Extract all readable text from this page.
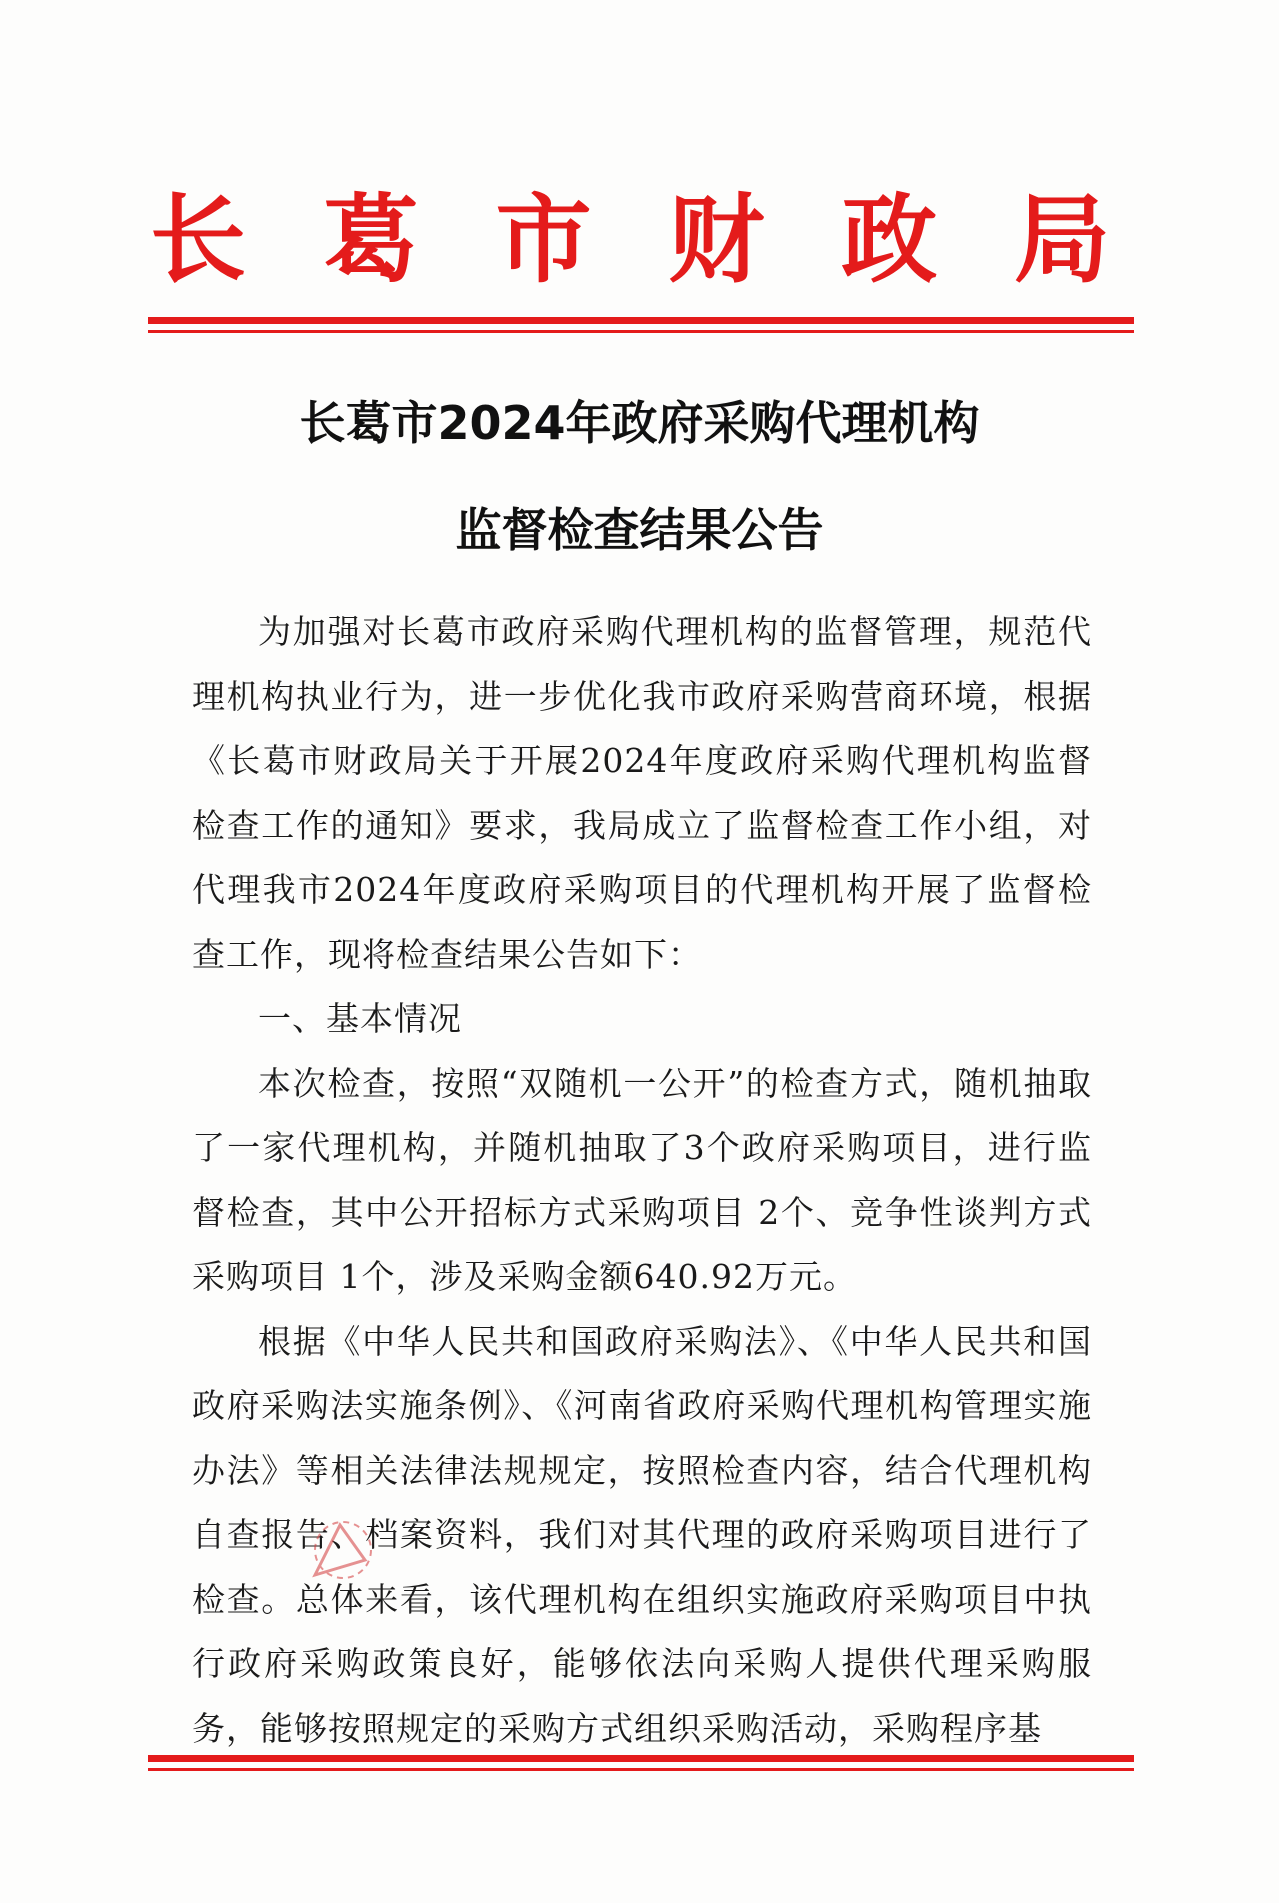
长 葛 市 财 政 局
长葛市2024年政府采购代理机构
监督检查结果公告

为加强对长葛市政府采购代理机构的监督管理，规范代理机构执业行为，进一步优化我市政府采购营商环境，根据《长葛市财政局关于开展2024年度政府采购代理机构监督检查工作的通知》要求，我局成立了监督检查工作小组，对代理我市2024年度政府采购项目的代理机构开展了监督检查工作，现将检查结果公告如下：

一、基本情况

本次检查，按照“双随机一公开”的检查方式，随机抽取了一家代理机构，并随机抽取了3个政府采购项目，进行监督检查，其中公开招标方式采购项目 2个、竞争性谈判方式采购项目 1个，涉及采购金额640.92万元。

根据《中华人民共和国政府采购法》、《中华人民共和国政府采购法实施条例》、《河南省政府采购代理机构管理实施办法》等相关法律法规规定，按照检查内容，结合代理机构自查报告、档案资料，我们对其代理的政府采购项目进行了检查。总体来看，该代理机构在组织实施政府采购项目中执行政府采购政策良好，能够依法向采购人提供代理采购服务，能够按照规定的采购方式组织采购活动，采购程序基
